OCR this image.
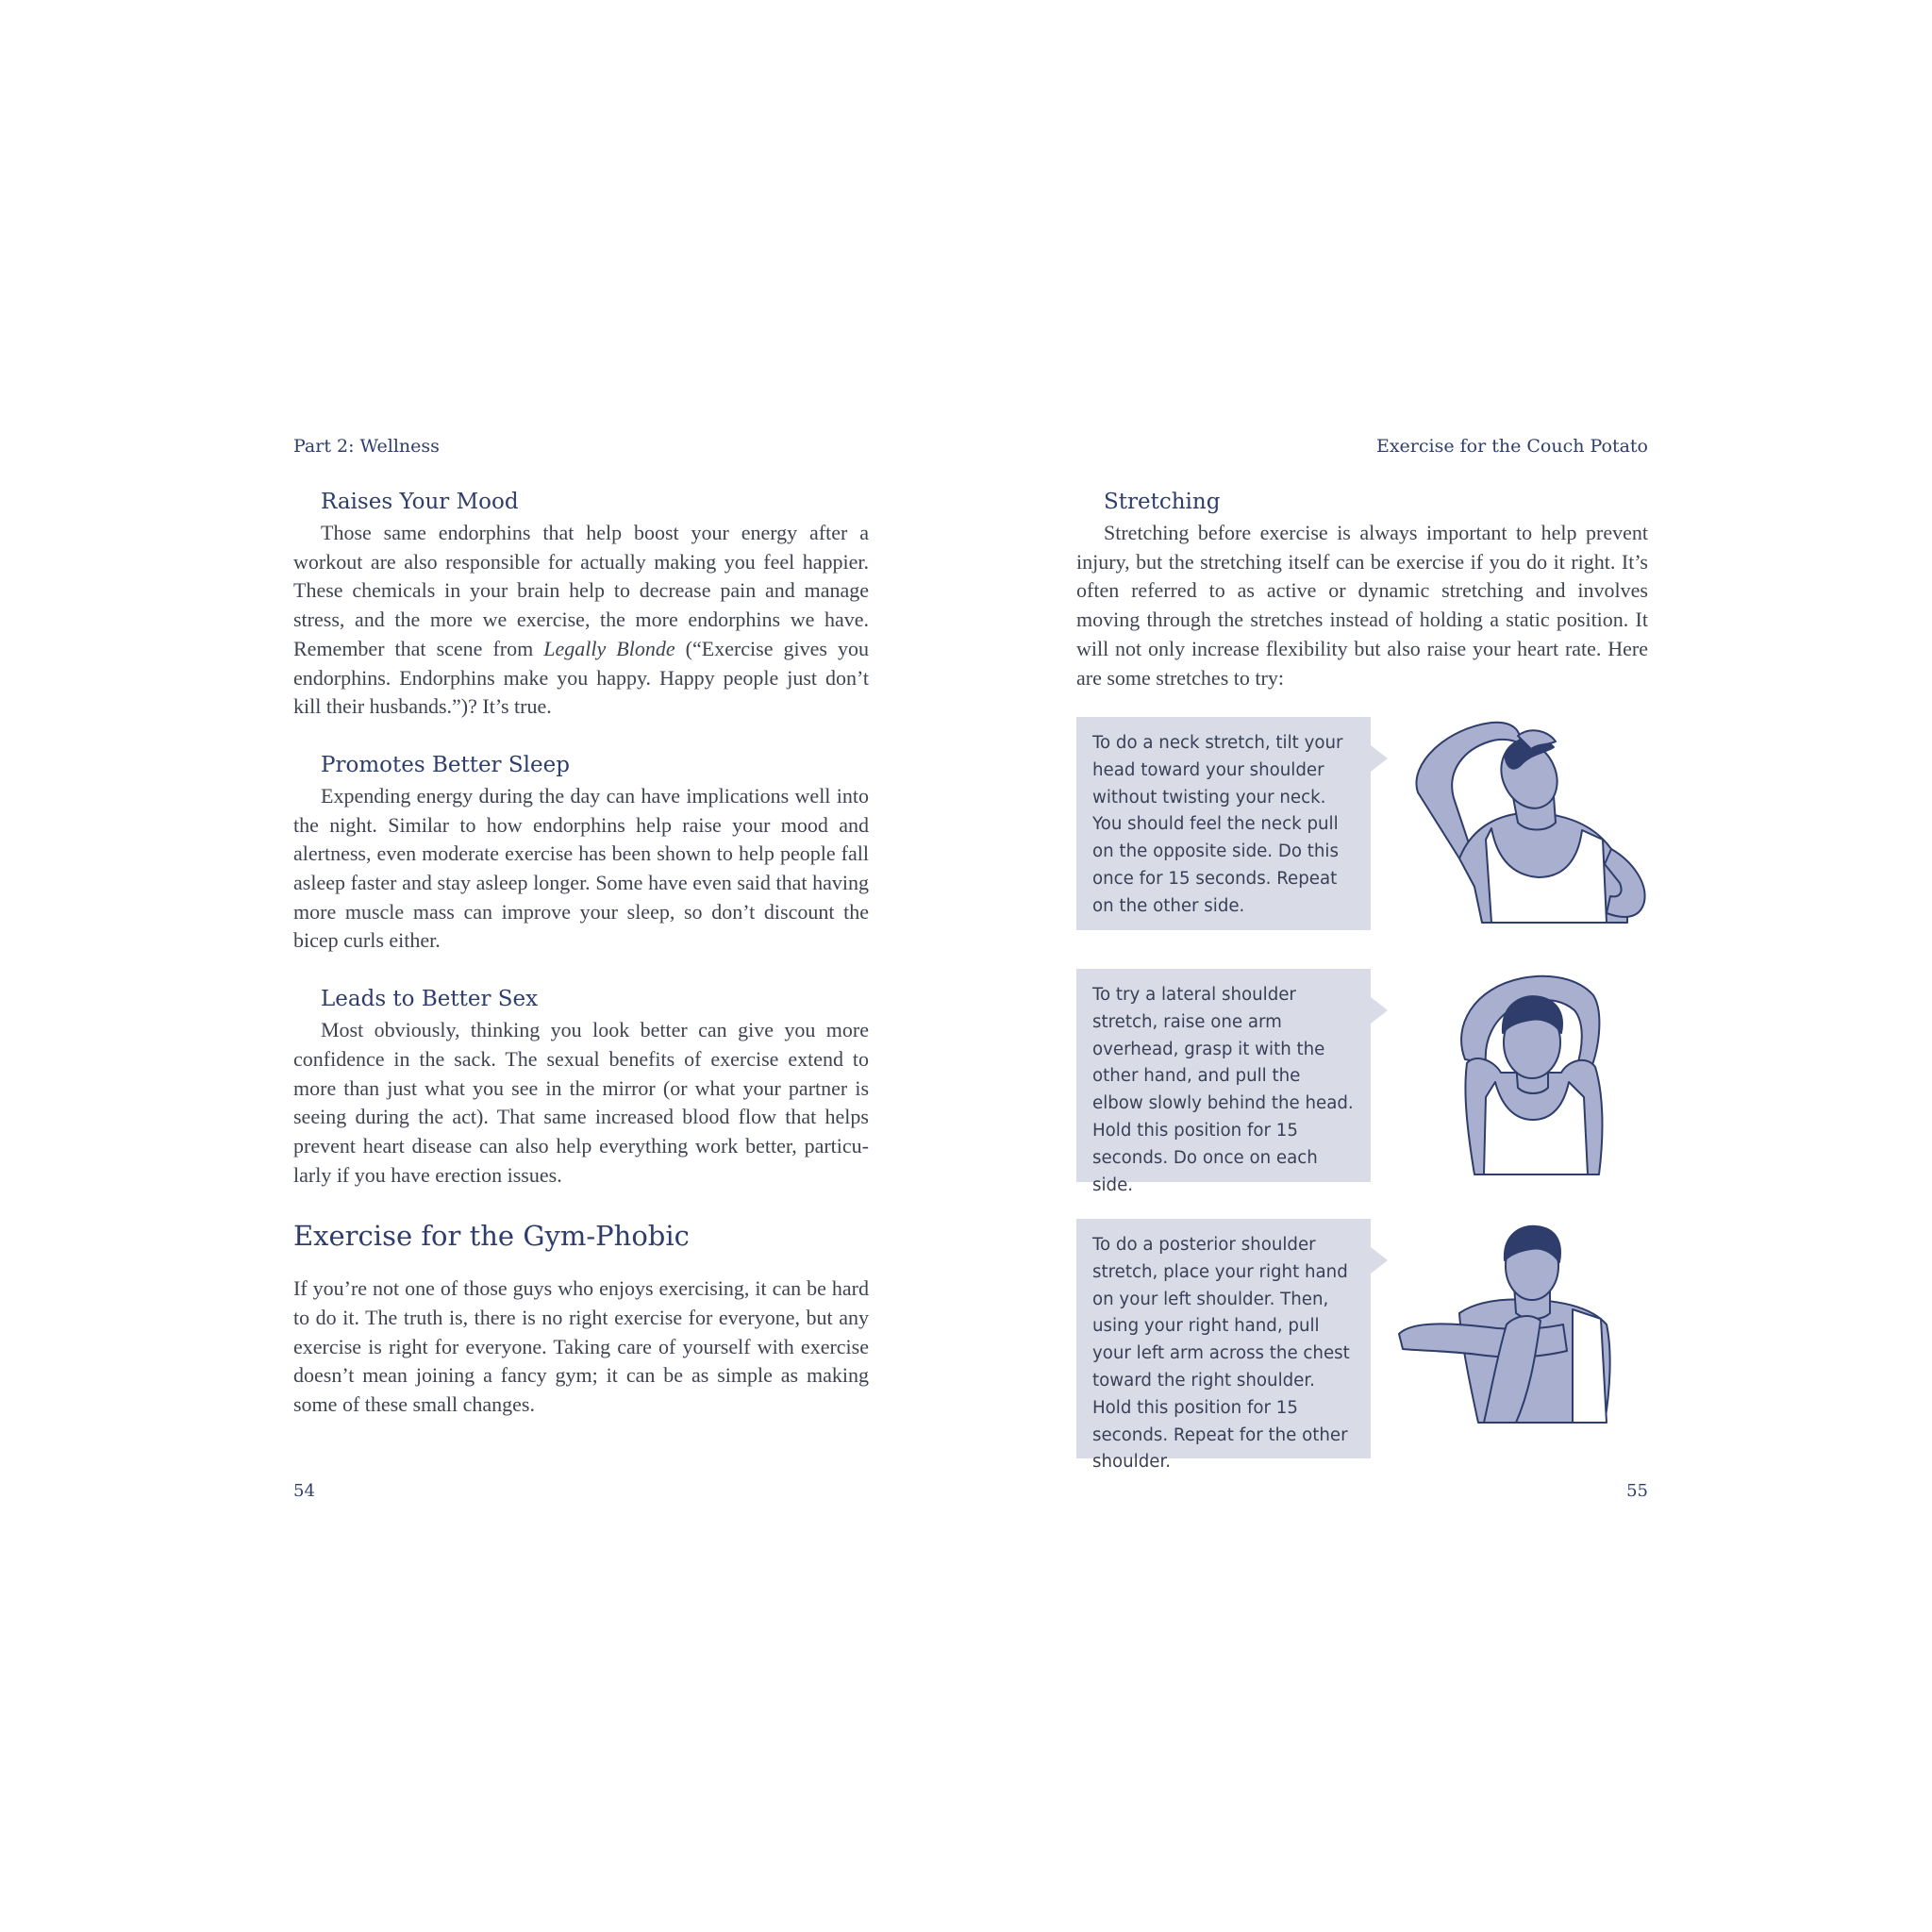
Part 2: Wellness
Raises Your Mood

Those same endorphins that help boost your energy after a workout are also responsible for actually making you feel happier. These chemicals in your brain help to decrease pain and manage stress, and the more we exercise, the more endorphins we have. Remember that scene from Legally Blonde (“Exercise gives you endorphins. Endorphins make you happy. Happy people just don’t kill their husbands.”)? It’s true.

Promotes Better Sleep

Expending energy during the day can have implications well into the night. Similar to how endorphins help raise your mood and alertness, even moderate exercise has been shown to help people fall asleep faster and stay asleep longer. Some have even said that having more muscle mass can improve your sleep, so don’t discount the bicep curls either.

Leads to Better Sex

Most obviously, thinking you look better can give you more confidence in the sack. The sexual benefits of exercise extend to more than just what you see in the mirror (or what your partner is seeing during the act). That same increased blood flow that helps prevent heart disease can also help everything work better, particularly if you have erection issues.

Exercise for the Gym-Phobic

If you’re not one of those guys who enjoys exercising, it can be hard to do it. The truth is, there is no right exercise for everyone, but any exercise is right for everyone. Taking care of yourself with exercise doesn’t mean joining a fancy gym; it can be as simple as making some of these small changes.

54
Exercise for the Couch Potato
Stretching

Stretching before exercise is always important to help prevent injury, but the stretching itself can be exercise if you do it right. It’s often referred to as active or dynamic stretching and involves moving through the stretches instead of holding a static position. It will not only increase flexibility but also raise your heart rate. Here are some stretches to try:

To do a neck stretch, tilt your head toward your shoulder without twisting your neck. You should feel the neck pull on the opposite side. Do this once for 15 seconds. Repeat on the other side.
To try a lateral shoulder stretch, raise one arm overhead, grasp it with the other hand, and pull the elbow slowly behind the head. Hold this position for 15 seconds. Do once on each side.
To do a posterior shoulder stretch, place your right hand on your left shoulder. Then, using your right hand, pull your left arm across the chest toward the right shoulder. Hold this position for 15 seconds. Repeat for the other shoulder.
55
